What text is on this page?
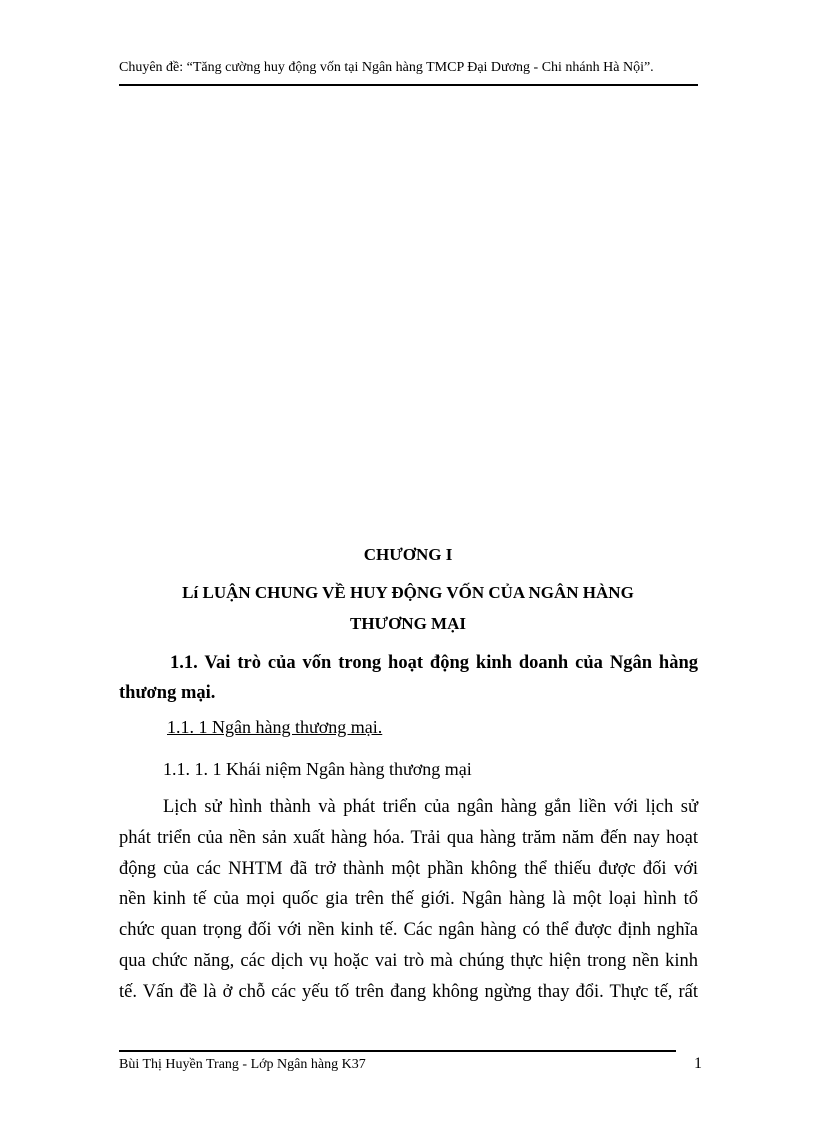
Chuyên đề: “Tăng cường huy động vốn tại Ngân hàng TMCP Đại Dương - Chi nhánh Hà Nội”.
CHƯƠNG I
Lí LUẬN CHUNG VỀ HUY ĐỘNG VỐN CỦA NGÂN HÀNG
THƯƠNG MẠI
1.1. Vai trò của vốn trong hoạt động kinh doanh của Ngân hàng
thương mại.
1.1. 1 Ngân hàng thương mại.
1.1. 1. 1 Khái niệm Ngân hàng thương mại
Lịch sử hình thành và phát triển của ngân hàng gắn liền với lịch sử
phát triển của nền sản xuất hàng hóa. Trải qua hàng trăm năm đến nay hoạt
động của các NHTM đã trở thành một phần không thể thiếu được đối với
nền kinh tế của mọi quốc gia trên thế giới. Ngân hàng là một loại hình tổ
chức quan trọng đối với nền kinh tế. Các ngân hàng có thể được định nghĩa
qua chức năng, các dịch vụ hoặc vai trò mà chúng thực hiện trong nền kinh
tế. Vấn đề là ở chỗ các yếu tố trên đang không ngừng thay đổi. Thực tế, rất
Bùi Thị Huyền Trang - Lớp Ngân hàng K37	1
